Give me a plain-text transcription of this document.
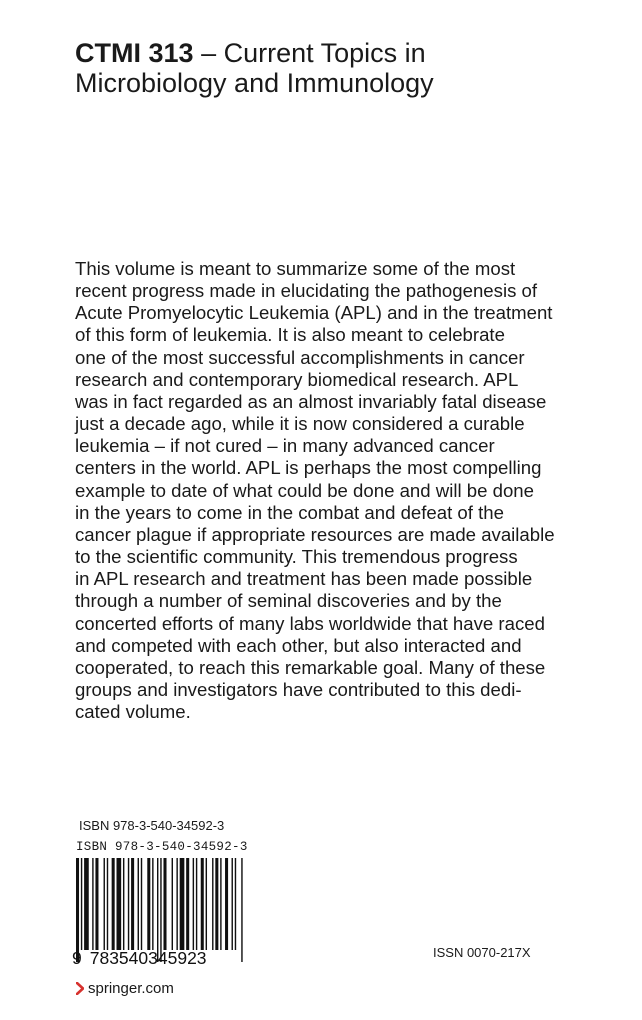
CTMI 313 – Current Topics in
Microbiology and Immunology
This volume is meant to summarize some of the most
recent progress made in elucidating the pathogenesis of
Acute Promyelocytic Leukemia (APL) and in the treatment
of this form of leukemia. It is also meant to celebrate
one of the most successful accomplishments in cancer
research and contemporary biomedical research. APL
was in fact regarded as an almost invariably fatal disease
just a decade ago, while it is now considered a curable
leukemia – if not cured – in many advanced cancer
centers in the world. APL is perhaps the most compelling
example to date of what could be done and will be done
in the years to come in the combat and defeat of the
cancer plague if appropriate resources are made available
to the scientific community. This tremendous progress
in APL research and treatment has been made possible
through a number of seminal discoveries and by the
concerted efforts of many labs worldwide that have raced
and competed with each other, but also interacted and
cooperated, to reach this remarkable goal. Many of these
groups and investigators have contributed to this dedi-
cated volume.
ISBN 978-3-540-34592-3
ISBN 978-3-540-34592-3
9 783540345923	ISSN 0070-217X
springer.com
